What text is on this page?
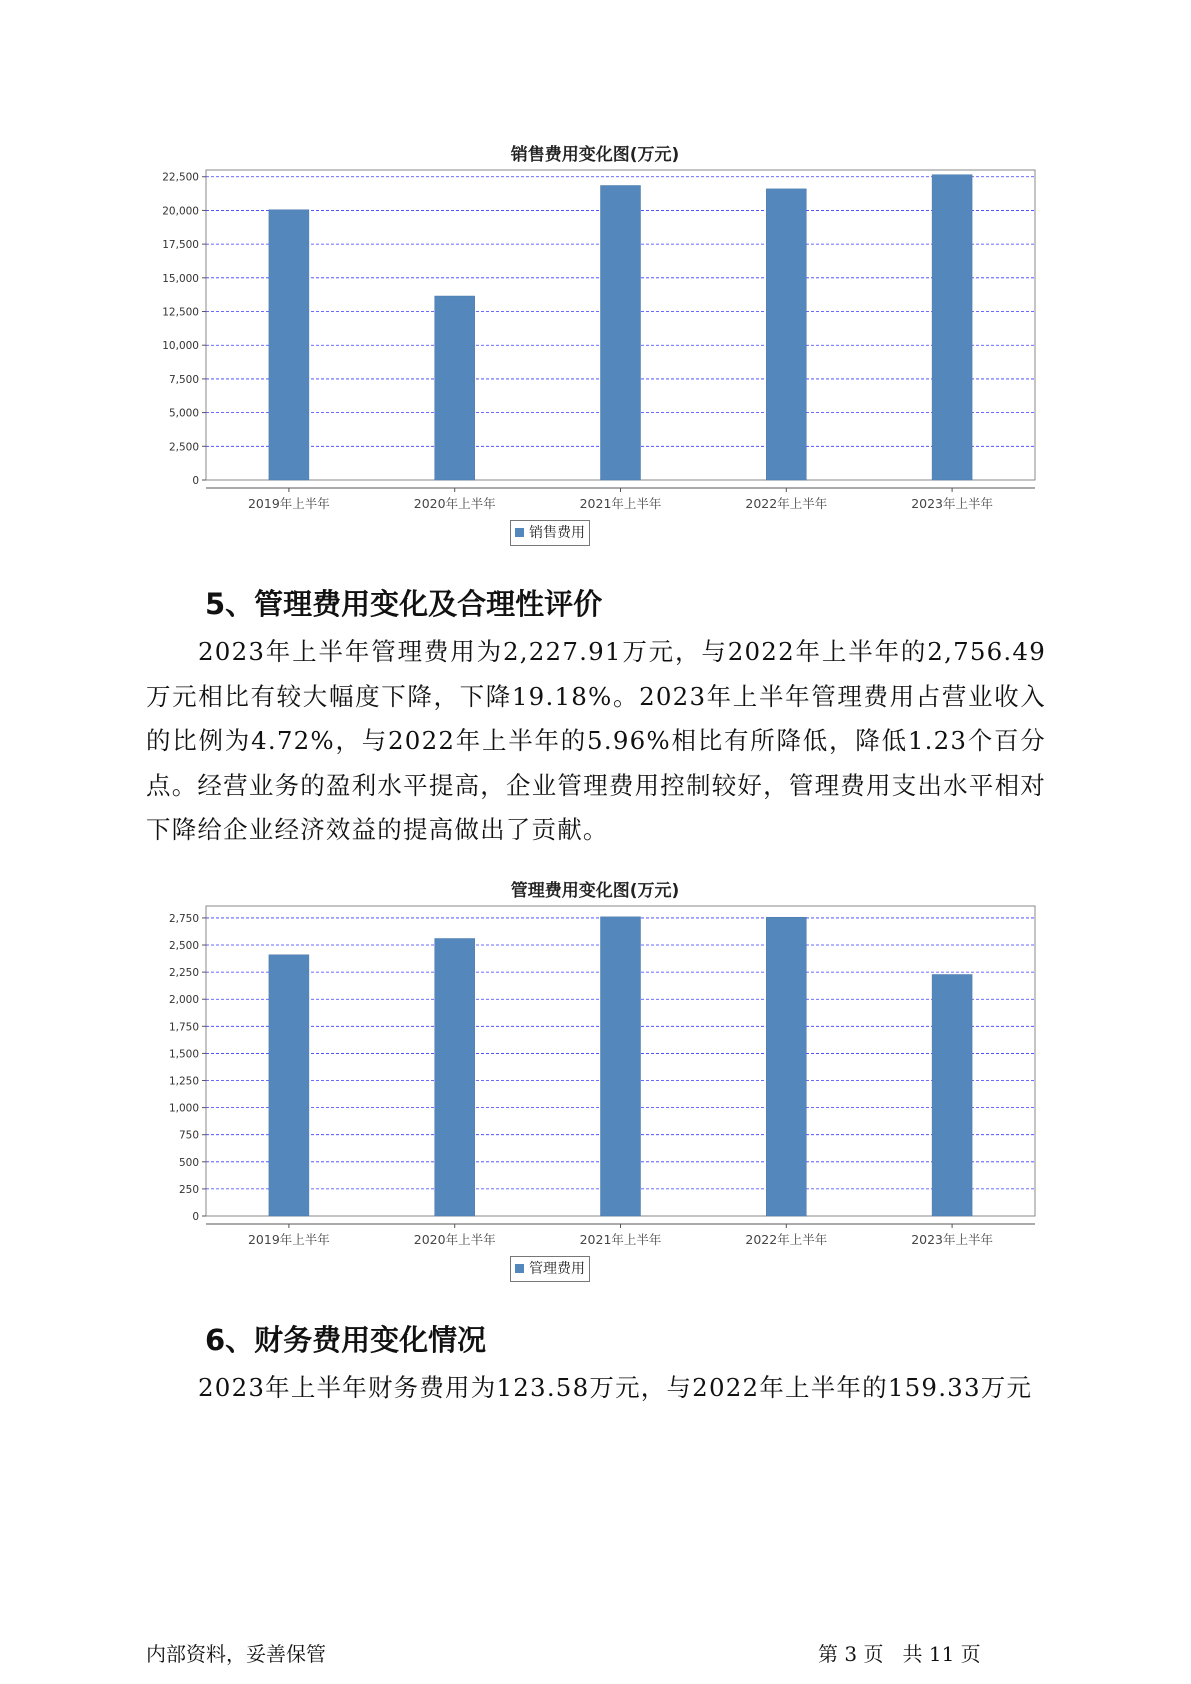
销售费用变化图(万元)
0
2,500
5,000
7,500
10,000
12,500
15,000
17,500
20,000
22,500
2019年上半年	2020年上半年	2021年上半年	2022年上半年	2023年上半年
销售费用
5、管理费用变化及合理性评价

2023年上半年管理费用为2,227.91万元，与2022年上半年的2,756.49万元相比有较大幅度下降，下降19.18%。2023年上半年管理费用占营业收入的比例为4.72%，与2022年上半年的5.96%相比有所降低，降低1.23个百分点。经营业务的盈利水平提高，企业管理费用控制较好，管理费用支出水平相对下降给企业经济效益的提高做出了贡献。

管理费用变化图(万元)
0
250
500
750
1,000
1,250
1,500
1,750
2,000
2,250
2,500
2,750
2019年上半年	2020年上半年	2021年上半年	2022年上半年	2023年上半年
管理费用
6、财务费用变化情况

2023年上半年财务费用为123.58万元，与2022年上半年的159.33万元

内部资料，妥善保管	第 3 页   共 11 页
